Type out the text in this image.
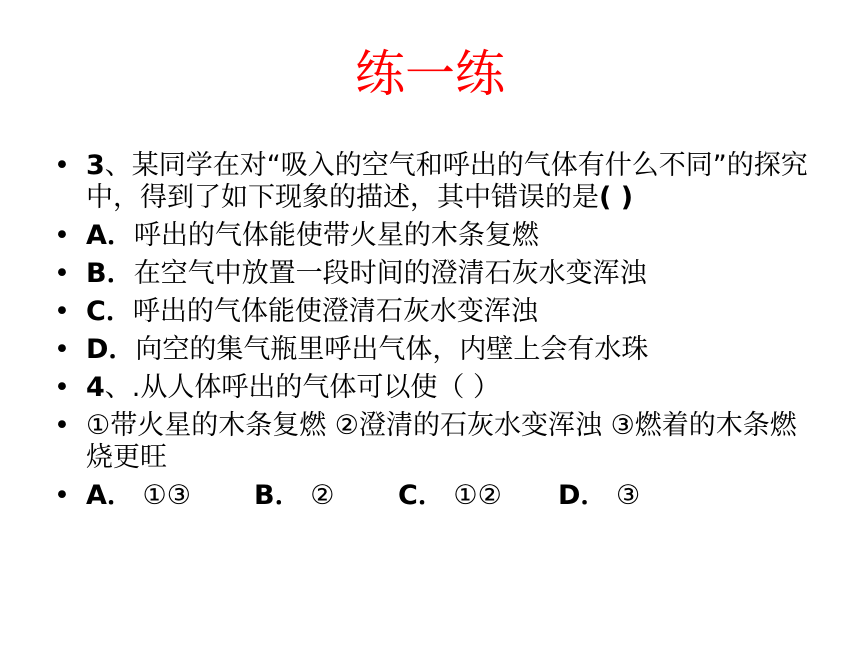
练一练
• 3、某同学在对“吸入的空气和呼出的气体有什么不同”的探究中，得到了如下现象的描述，其中错误的是( )
• A．呼出的气体能使带火星的木条复燃
• B．在空气中放置一段时间的澄清石灰水变浑浊
• C．呼出的气体能使澄清石灰水变浑浊
• D．向空的集气瓶里呼出气体，内壁上会有水珠
• 4、.从人体呼出的气体可以使（ ）
• ①带火星的木条复燃 ②澄清的石灰水变浑浊 ③燃着的木条燃烧更旺
• A． ①③	B． ②	C． ①②	D． ③
